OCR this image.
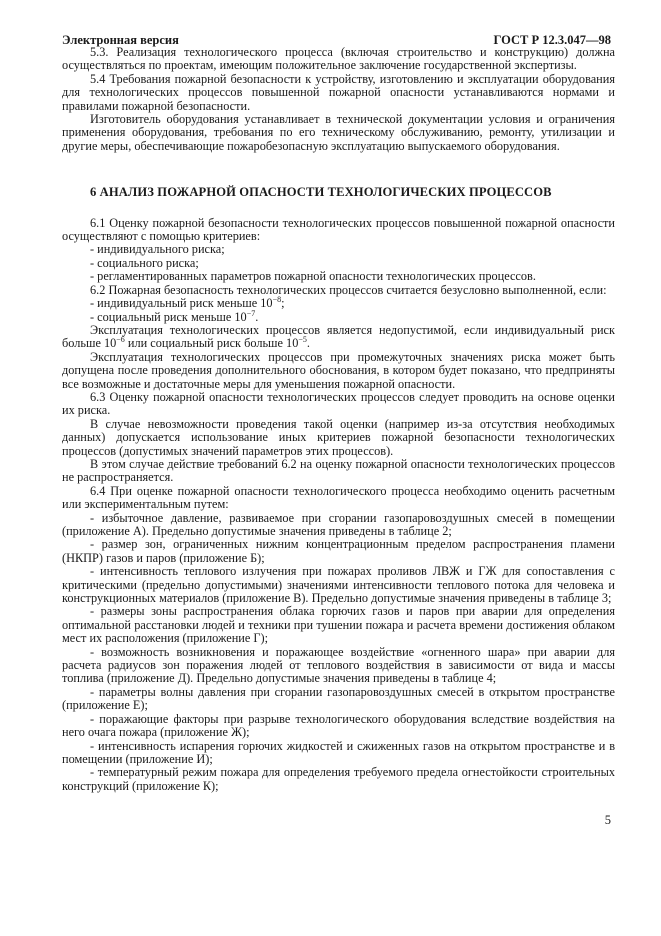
Электронная версия	ГОСТ Р 12.3.047—98
5.3. Реализация технологического процесса (включая строительство и конструкцию) должна осуществляться по проектам, имеющим положительное заключение государственной экспертизы.
5.4 Требования пожарной безопасности к устройству, изготовлению и эксплуатации оборудования для технологических процессов повышенной пожарной опасности устанавливаются нормами и правилами пожарной безопасности.
Изготовитель оборудования устанавливает в технической документации условия и ограничения применения оборудования, требования по его техническому обслуживанию, ремонту, утилизации и другие меры, обеспечивающие пожаробезопасную эксплуатацию выпускаемого оборудования.
6 АНАЛИЗ ПОЖАРНОЙ ОПАСНОСТИ ТЕХНОЛОГИЧЕСКИХ ПРОЦЕССОВ
6.1 Оценку пожарной безопасности технологических процессов повышенной пожарной опасности осуществляют с помощью критериев:
- индивидуального риска;
- социального риска;
- регламентированных параметров пожарной опасности технологических процессов.
6.2 Пожарная безопасность технологических процессов считается безусловно выполненной, если:
- индивидуальный риск меньше $10^{-8}$;
- социальный риск меньше $10^{-7}$.
Эксплуатация технологических процессов является недопустимой, если индивидуальный риск больше $10^{-6}$ или социальный риск больше $10^{-5}$.
Эксплуатация технологических процессов при промежуточных значениях риска может быть допущена после проведения дополнительного обоснования, в котором будет показано, что предприняты все возможные и достаточные меры для уменьшения пожарной опасности.
6.3 Оценку пожарной опасности технологических процессов следует проводить на основе оценки их риска.
В случае невозможности проведения такой оценки (например из-за отсутствия необходимых данных) допускается использование иных критериев пожарной безопасности технологических процессов (допустимых значений параметров этих процессов).
В этом случае действие требований 6.2 на оценку пожарной опасности технологических процессов не распространяется.
6.4 При оценке пожарной опасности технологического процесса необходимо оценить расчетным или экспериментальным путем:
- избыточное давление, развиваемое при сгорании газопаровоздушных смесей в помещении (приложение А). Предельно допустимые значения приведены в таблице 2;
- размер зон, ограниченных нижним концентрационным пределом распространения пламени (НКПР) газов и паров (приложение Б);
- интенсивность теплового излучения при пожарах проливов ЛВЖ и ГЖ для сопоставления с критическими (предельно допустимыми) значениями интенсивности теплового потока для человека и конструкционных материалов (приложение В). Предельно допустимые значения приведены в таблице 3;
- размеры зоны распространения облака горючих газов и паров при аварии для определения оптимальной расстановки людей и техники при тушении пожара и расчета времени достижения облаком мест их расположения (приложение Г);
- возможность возникновения и поражающее воздействие «огненного шара» при аварии для расчета радиусов зон поражения людей от теплового воздействия в зависимости от вида и массы топлива (приложение Д). Предельно допустимые значения приведены в таблице 4;
- параметры волны давления при сгорании газопаровоздушных смесей в открытом пространстве (приложение Е);
- поражающие факторы при разрыве технологического оборудования вследствие воздействия на него очага пожара (приложение Ж);
- интенсивность испарения горючих жидкостей и сжиженных газов на открытом пространстве и в помещении (приложение И);
- температурный режим пожара для определения требуемого предела огнестойкости строительных конструкций (приложение К);
5
